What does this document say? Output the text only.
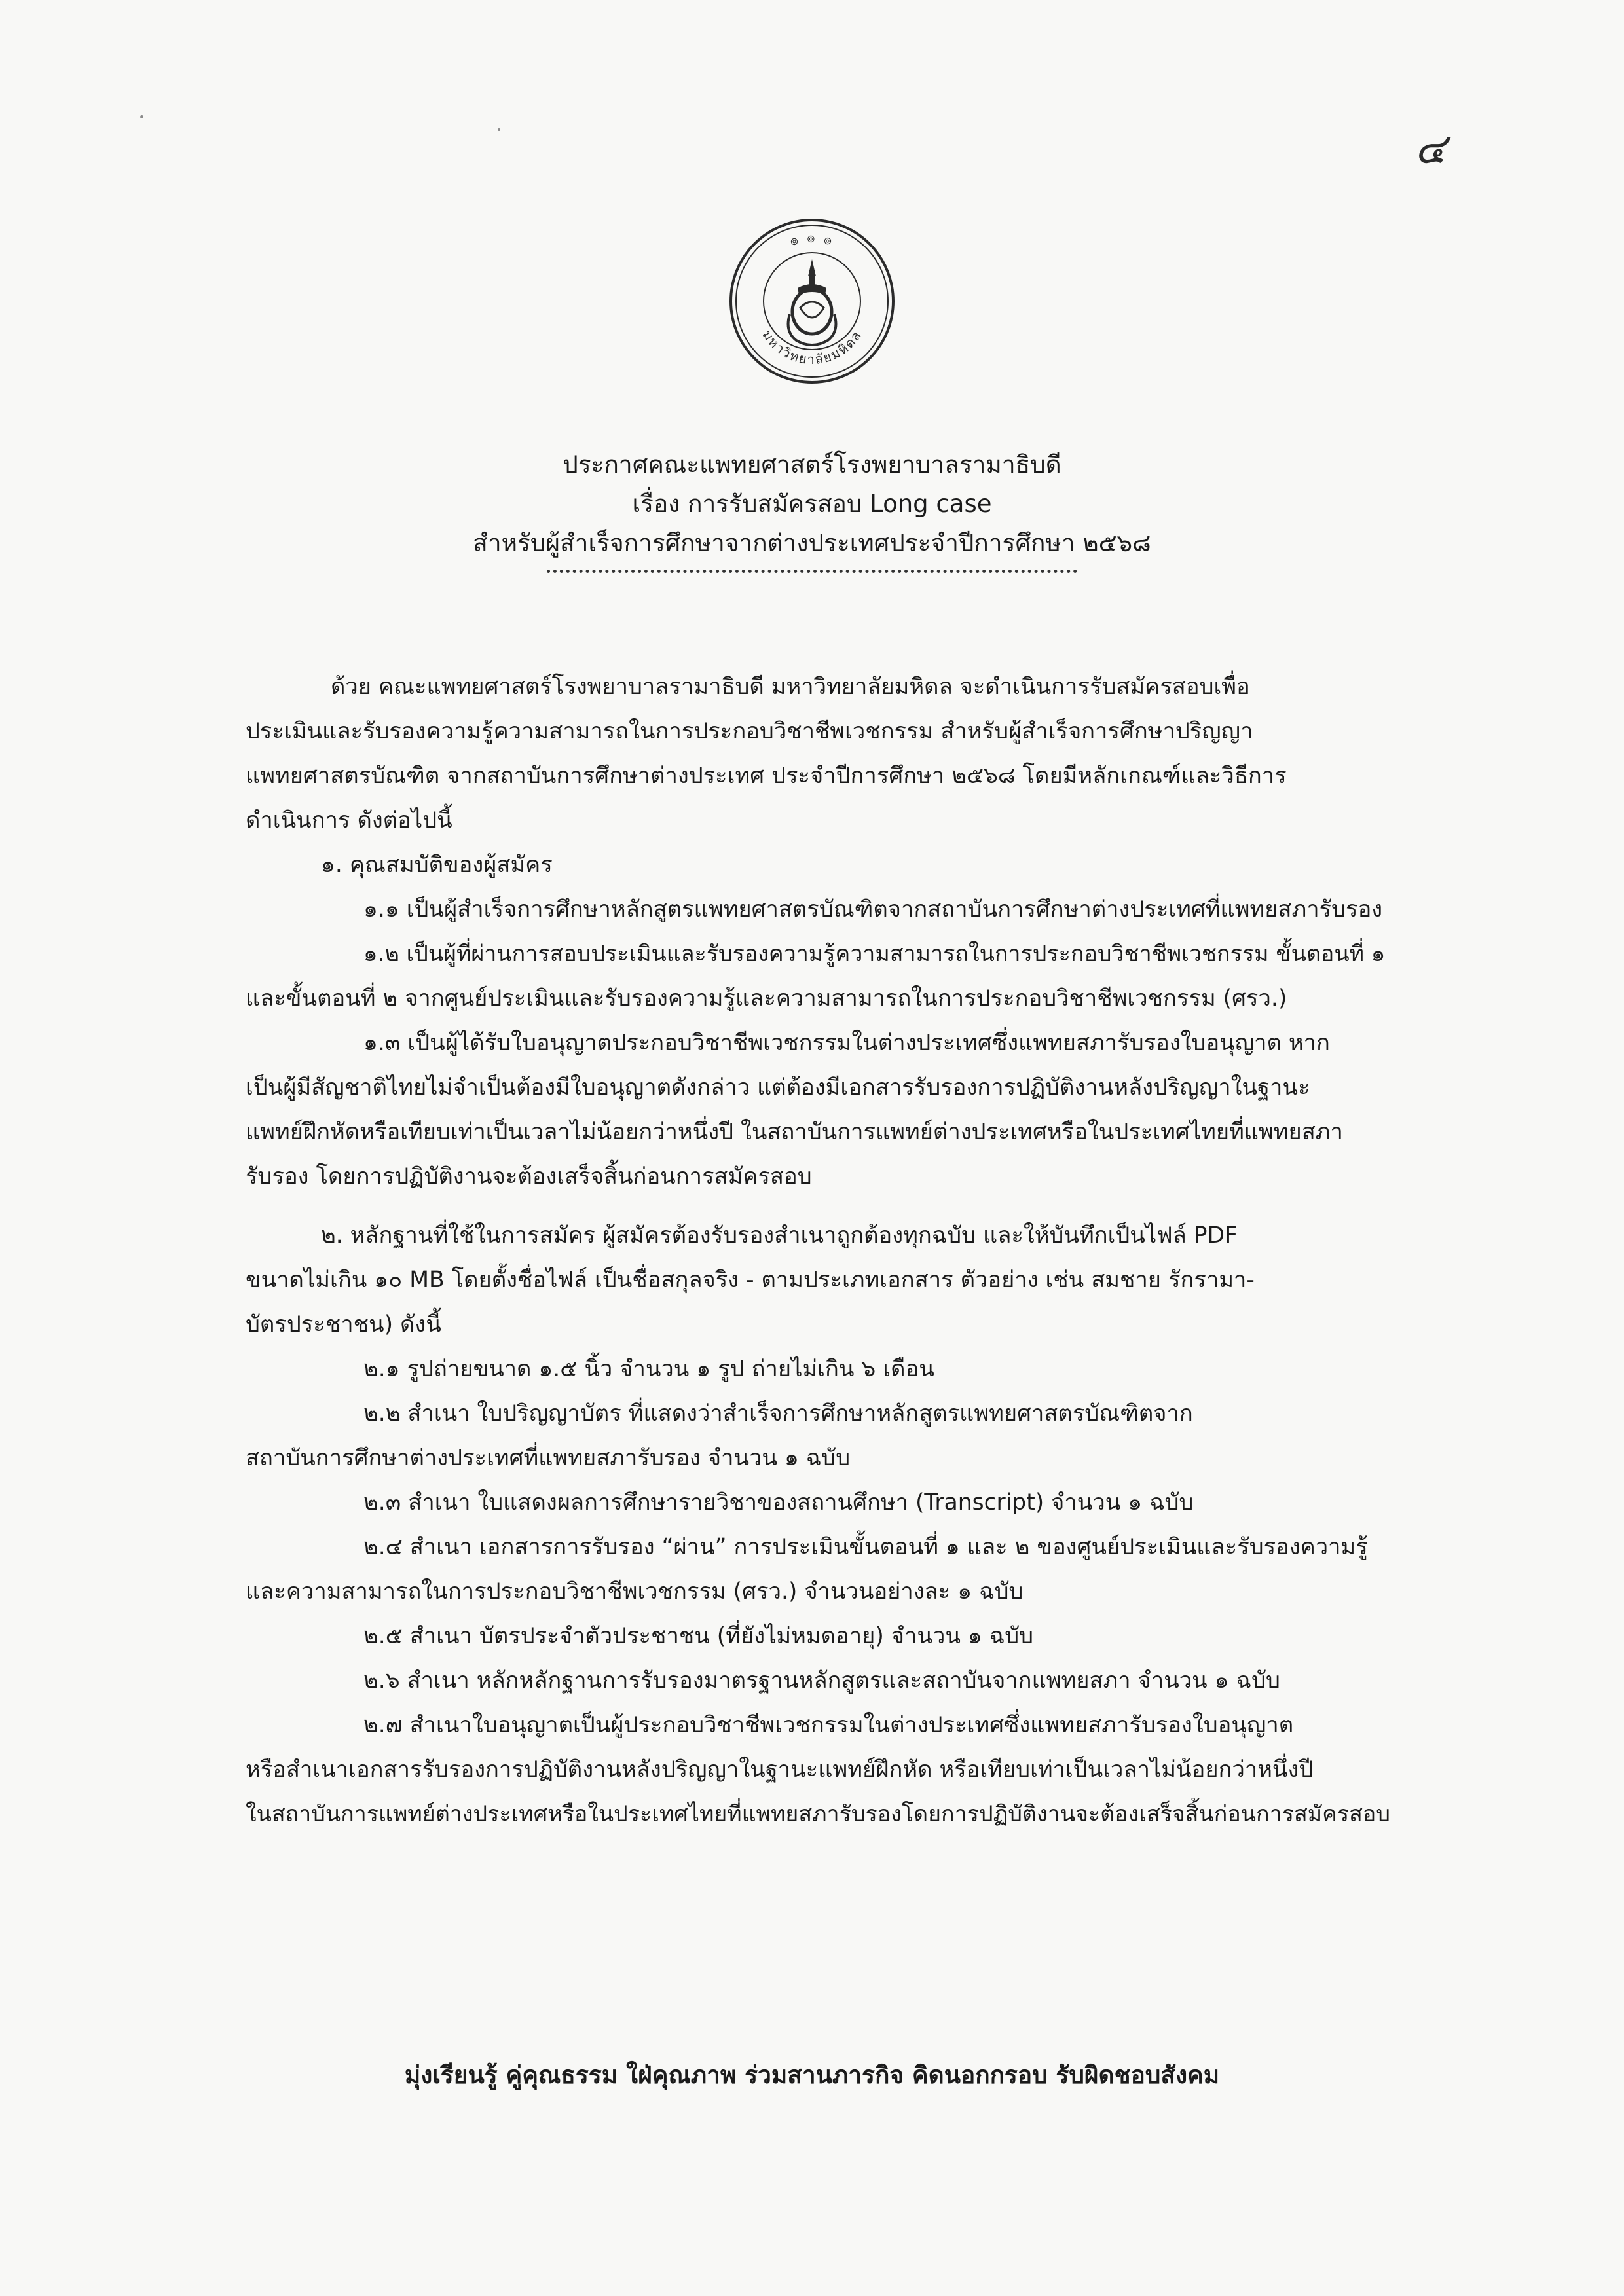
๔
๏ ๏ ๏
มหาวิทยาลัยมหิดล
ประกาศคณะแพทยศาสตร์โรงพยาบาลรามาธิบดี
เรื่อง การรับสมัครสอบ Long case
สำหรับผู้สำเร็จการศึกษาจากต่างประเทศประจำปีการศึกษา ๒๕๖๘

ด้วย คณะแพทยศาสตร์โรงพยาบาลรามาธิบดี มหาวิทยาลัยมหิดล จะดำเนินการรับสมัครสอบเพื่อ

ประเมินและรับรองความรู้ความสามารถในการประกอบวิชาชีพเวชกรรม สำหรับผู้สำเร็จการศึกษาปริญญา

แพทยศาสตรบัณฑิต จากสถาบันการศึกษาต่างประเทศ ประจำปีการศึกษา ๒๕๖๘ โดยมีหลักเกณฑ์และวิธีการ

ดำเนินการ ดังต่อไปนี้

๑. คุณสมบัติของผู้สมัคร

๑.๑ เป็นผู้สำเร็จการศึกษาหลักสูตรแพทยศาสตรบัณฑิตจากสถาบันการศึกษาต่างประเทศที่แพทยสภารับรอง

๑.๒ เป็นผู้ที่ผ่านการสอบประเมินและรับรองความรู้ความสามารถในการประกอบวิชาชีพเวชกรรม ขั้นตอนที่ ๑

และขั้นตอนที่ ๒ จากศูนย์ประเมินและรับรองความรู้และความสามารถในการประกอบวิชาชีพเวชกรรม (ศรว.)

๑.๓ เป็นผู้ได้รับใบอนุญาตประกอบวิชาชีพเวชกรรมในต่างประเทศซึ่งแพทยสภารับรองใบอนุญาต หาก

เป็นผู้มีสัญชาติไทยไม่จำเป็นต้องมีใบอนุญาตดังกล่าว แต่ต้องมีเอกสารรับรองการปฏิบัติงานหลังปริญญาในฐานะ

แพทย์ฝึกหัดหรือเทียบเท่าเป็นเวลาไม่น้อยกว่าหนึ่งปี ในสถาบันการแพทย์ต่างประเทศหรือในประเทศไทยที่แพทยสภา

รับรอง โดยการปฏิบัติงานจะต้องเสร็จสิ้นก่อนการสมัครสอบ

๒. หลักฐานที่ใช้ในการสมัคร ผู้สมัครต้องรับรองสำเนาถูกต้องทุกฉบับ และให้บันทึกเป็นไฟล์ PDF

ขนาดไม่เกิน ๑๐ MB โดยตั้งชื่อไฟล์ เป็นชื่อสกุลจริง - ตามประเภทเอกสาร ตัวอย่าง เช่น สมชาย รักรามา-

บัตรประชาชน) ดังนี้

๒.๑ รูปถ่ายขนาด ๑.๕ นิ้ว จำนวน ๑ รูป ถ่ายไม่เกิน ๖ เดือน

๒.๒ สำเนา ใบปริญญาบัตร ที่แสดงว่าสำเร็จการศึกษาหลักสูตรแพทยศาสตรบัณฑิตจาก

สถาบันการศึกษาต่างประเทศที่แพทยสภารับรอง จำนวน ๑ ฉบับ

๒.๓ สำเนา ใบแสดงผลการศึกษารายวิชาของสถานศึกษา (Transcript) จำนวน ๑ ฉบับ

๒.๔ สำเนา เอกสารการรับรอง “ผ่าน” การประเมินขั้นตอนที่ ๑ และ ๒ ของศูนย์ประเมินและรับรองความรู้

และความสามารถในการประกอบวิชาชีพเวชกรรม (ศรว.) จำนวนอย่างละ ๑ ฉบับ

๒.๕ สำเนา บัตรประจำตัวประชาชน (ที่ยังไม่หมดอายุ) จำนวน ๑ ฉบับ

๒.๖ สำเนา หลักหลักฐานการรับรองมาตรฐานหลักสูตรและสถาบันจากแพทยสภา จำนวน ๑ ฉบับ

๒.๗ สำเนาใบอนุญาตเป็นผู้ประกอบวิชาชีพเวชกรรมในต่างประเทศซึ่งแพทยสภารับรองใบอนุญาต

หรือสำเนาเอกสารรับรองการปฏิบัติงานหลังปริญญาในฐานะแพทย์ฝึกหัด หรือเทียบเท่าเป็นเวลาไม่น้อยกว่าหนึ่งปี

ในสถาบันการแพทย์ต่างประเทศหรือในประเทศไทยที่แพทยสภารับรองโดยการปฏิบัติงานจะต้องเสร็จสิ้นก่อนการสมัครสอบ

มุ่งเรียนรู้ คู่คุณธรรม ใฝ่คุณภาพ ร่วมสานภารกิจ คิดนอกกรอบ รับผิดชอบสังคม
